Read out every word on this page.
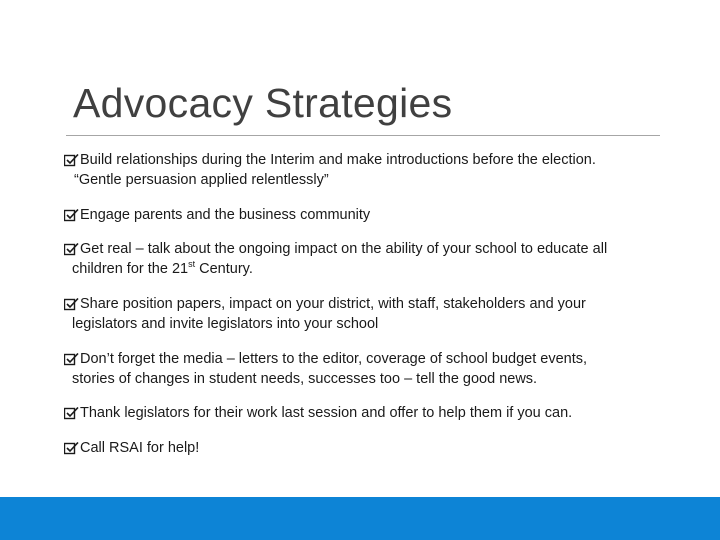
Advocacy Strategies

Build relationships during the Interim and make introductions before the election.
“Gentle persuasion applied relentlessly”

Engage parents and the business community

Get real – talk about the ongoing impact on the ability of your school to educate all
children for the 21st Century.

Share position papers, impact on your district, with staff, stakeholders and your
legislators and invite legislators into your school

Don’t forget the media – letters to the editor, coverage of school budget events,
stories of changes in student needs, successes too – tell the good news.

Thank legislators for their work last session and offer to help them if you can.

Call RSAI for help!
